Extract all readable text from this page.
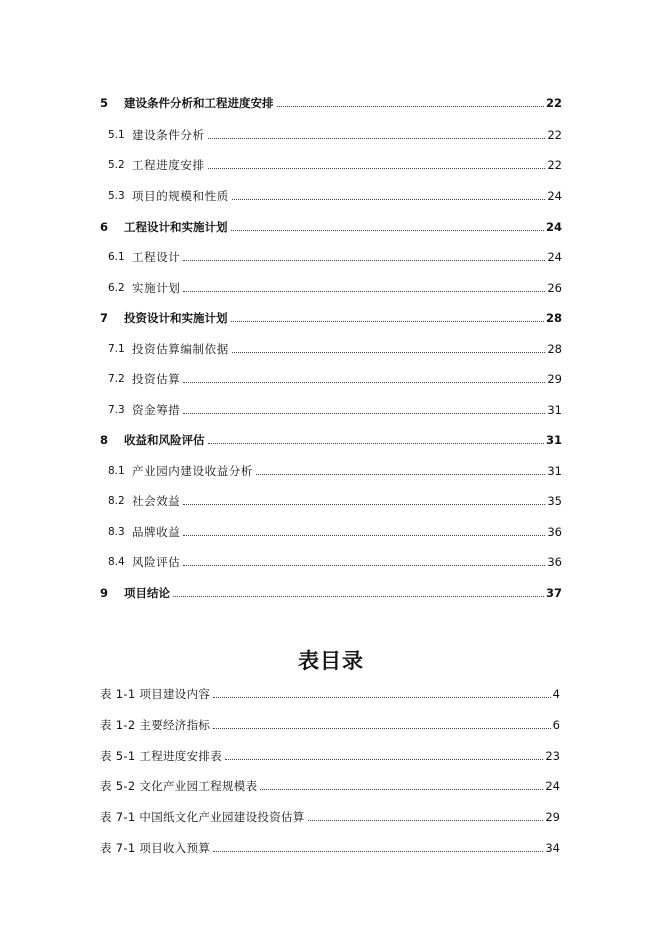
5	建设条件分析和工程进度安排	22
5.1 建设条件分析	22
5.2 工程进度安排	22
5.3 项目的规模和性质	24
6	工程设计和实施计划	24
6.1 工程设计	24
6.2 实施计划	26
7	投资设计和实施计划	28
7.1 投资估算编制依据	28
7.2 投资估算	29
7.3 资金筹措	31
8	收益和风险评估	31
8.1 产业园内建设收益分析	31
8.2 社会效益	35
8.3 品牌收益	36
8.4 风险评估	36
9	项目结论	37
表目录
表 1-1 项目建设内容	4
表 1-2 主要经济指标	6
表 5-1 工程进度安排表	23
表 5-2 文化产业园工程规模表	24
表 7-1 中国纸文化产业园建设投资估算	29
表 7-1 项目收入预算	34
